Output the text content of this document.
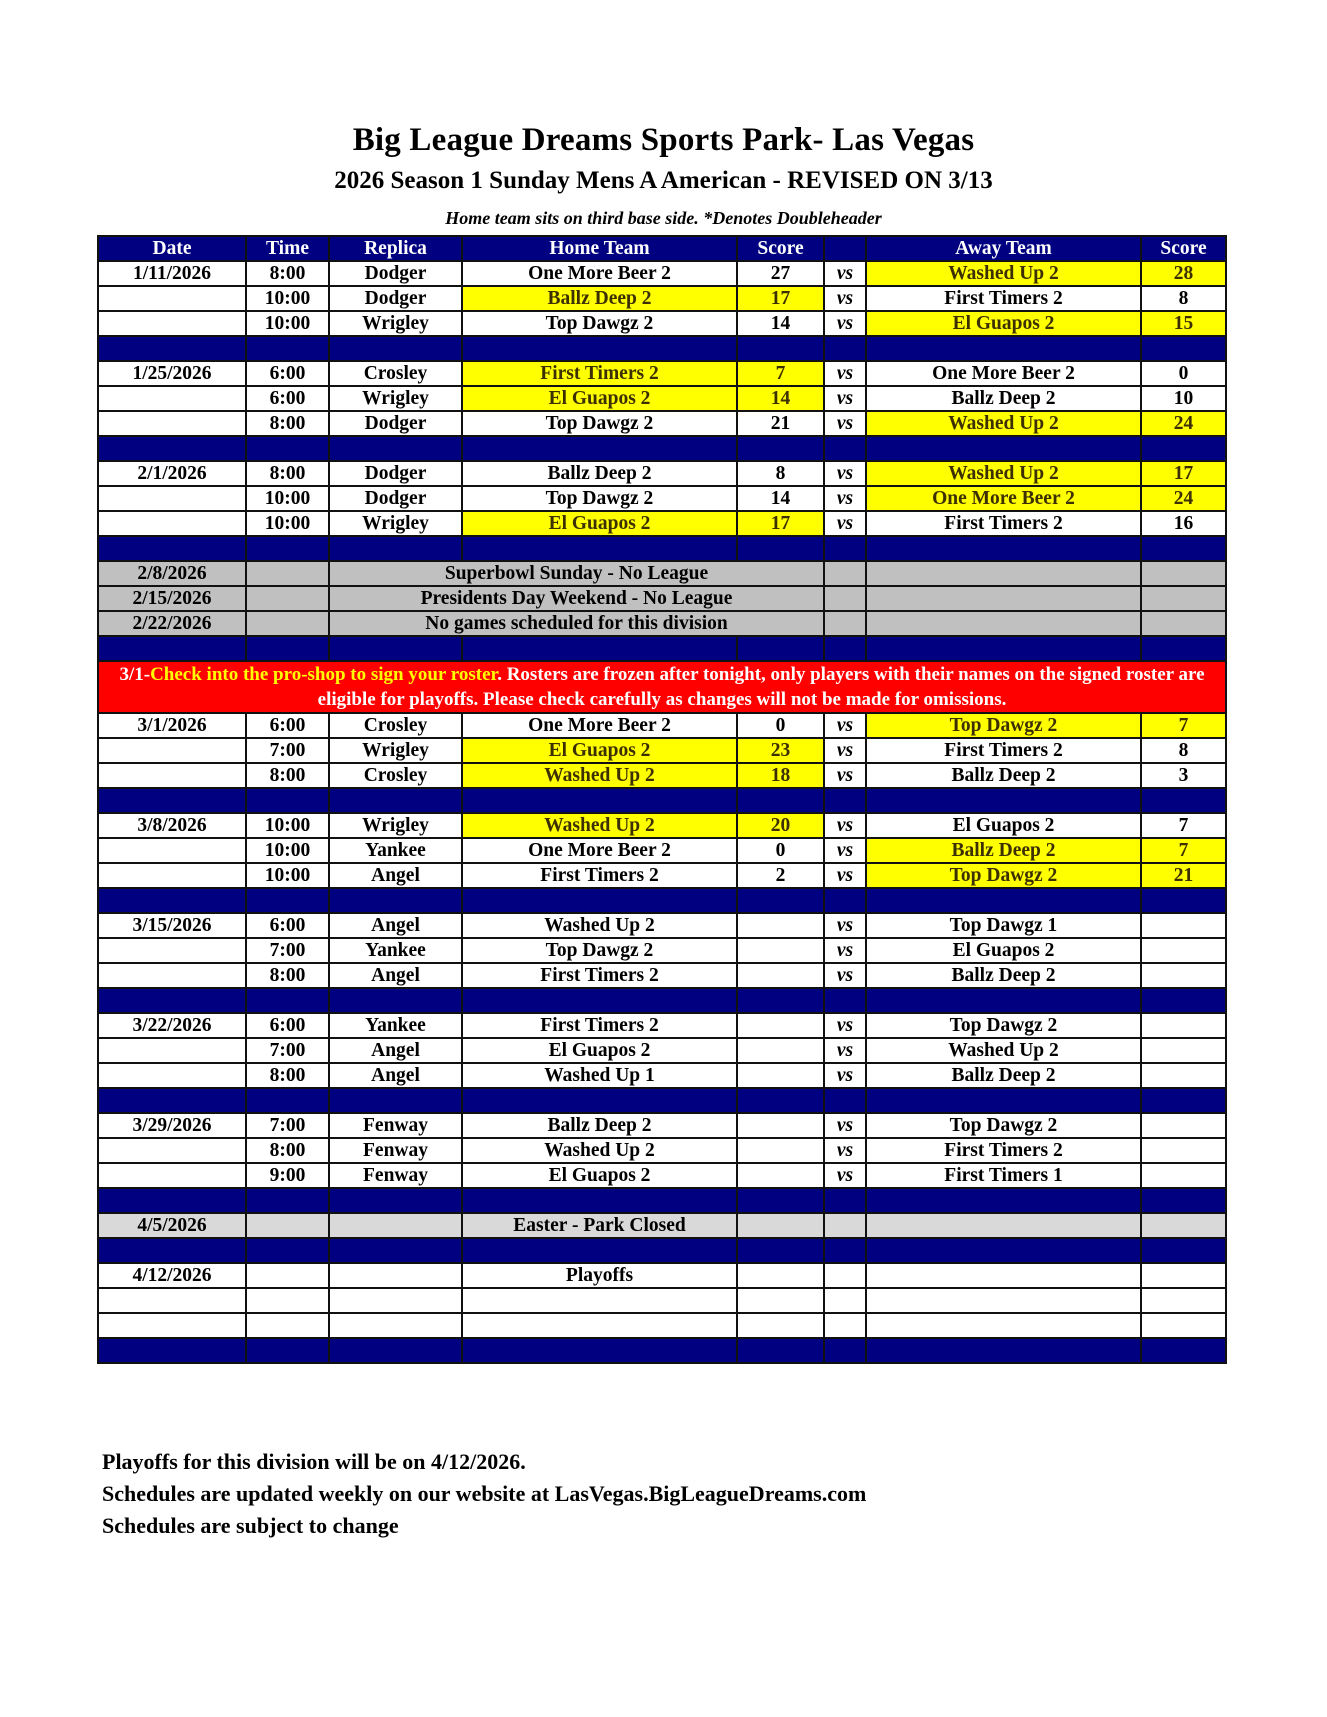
Big League Dreams Sports Park- Las Vegas
2026 Season 1 Sunday Mens A American - REVISED ON 3/13
Home team sits on third base side. *Denotes Doubleheader
Date	Time	Replica	Home Team	Score		Away Team	Score
1/11/2026	8:00	Dodger	One More Beer 2	27	vs	Washed Up 2	28
	10:00	Dodger	Ballz Deep 2	17	vs	First Timers 2	8
	10:00	Wrigley	Top Dawgz 2	14	vs	El Guapos 2	15

1/25/2026	6:00	Crosley	First Timers 2	7	vs	One More Beer 2	0
	6:00	Wrigley	El Guapos 2	14	vs	Ballz Deep 2	10
	8:00	Dodger	Top Dawgz 2	21	vs	Washed Up 2	24

2/1/2026	8:00	Dodger	Ballz Deep 2	8	vs	Washed Up 2	17
	10:00	Dodger	Top Dawgz 2	14	vs	One More Beer 2	24
	10:00	Wrigley	El Guapos 2	17	vs	First Timers 2	16

2/8/2026		Superbowl Sunday - No League					
2/15/2026		Presidents Day Weekend - No League					
2/22/2026		No games scheduled for this division					

3/1-Check into the pro-shop to sign your roster. Rosters are frozen after tonight, only players with their names on the signed roster are eligible for playoffs. Please check carefully as changes will not be made for omissions.							
3/1/2026	6:00	Crosley	One More Beer 2	0	vs	Top Dawgz 2	7
	7:00	Wrigley	El Guapos 2	23	vs	First Timers 2	8
	8:00	Crosley	Washed Up 2	18	vs	Ballz Deep 2	3

3/8/2026	10:00	Wrigley	Washed Up 2	20	vs	El Guapos 2	7
	10:00	Yankee	One More Beer 2	0	vs	Ballz Deep 2	7
	10:00	Angel	First Timers 2	2	vs	Top Dawgz 2	21

3/15/2026	6:00	Angel	Washed Up 2		vs	Top Dawgz 1	
	7:00	Yankee	Top Dawgz 2		vs	El Guapos 2	
	8:00	Angel	First Timers 2		vs	Ballz Deep 2	

3/22/2026	6:00	Yankee	First Timers 2		vs	Top Dawgz 2	
	7:00	Angel	El Guapos 2		vs	Washed Up 2	
	8:00	Angel	Washed Up 1		vs	Ballz Deep 2	

3/29/2026	7:00	Fenway	Ballz Deep 2		vs	Top Dawgz 2	
	8:00	Fenway	Washed Up 2		vs	First Timers 2	
	9:00	Fenway	El Guapos 2		vs	First Timers 1	

4/5/2026			Easter - Park Closed				

4/12/2026			Playoffs				

Playoffs for this division will be on 4/12/2026.
Schedules are updated weekly on our website at LasVegas.BigLeagueDreams.com
Schedules are subject to change
